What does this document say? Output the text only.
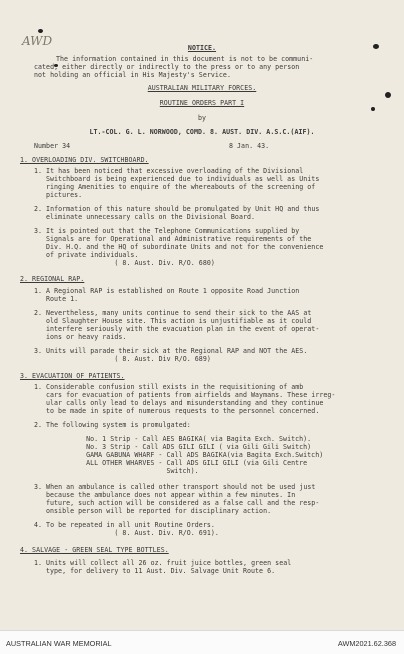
AWD	NOTICE.
The information contained in this document is not to be communi-
cated, either directly or indirectly to the press or to any person
not holding an official in His Majesty's Service.
AUSTRALIAN MILITARY FORCES.
ROUTINE ORDERS PART I
by
LT.-COL. G. L. NORWOOD, COMD. 8. AUST. DIV. A.S.C.(AIF).
Number 34	8 Jan. 43.
1. OVERLOADING DIV. SWITCHBOARD.
1. It has been noticed that excessive overloading of the Divisional
Switchboard is being experienced due to individuals as well as Units
ringing Amenities to enquire of the whereabouts of the screening of
pictures.
2. Information of this nature should be promulgated by Unit HQ and thus
eliminate unnecessary calls on the Divisional Board.
3. It is pointed out that the Telephone Communications supplied by
Signals are for Operational and Administrative requirements of the
Div. H.Q. and the HQ of subordinate Units and not for the convenience
of private individuals.
( 8. Aust. Div. R/O. 680)
2. REGIONAL RAP.
1. A Regional RAP is established on Route 1 opposite Road Junction
Route 1.
2. Nevertheless, many units continue to send their sick to the AAS at
old Slaughter House site. This action is unjustifiable as it could
interfere seriously with the evacuation plan in the event of operat-
ions or heavy raids.
3. Units will parade their sick at the Regional RAP and NOT the AES.
( 8. Aust. Div R/O. 689)
3. EVACUATION OF PATIENTS.
1. Considerable confusion still exists in the requisitioning of amb
cars for evacuation of patients from airfields and Waymans. These irreg-
ular calls only lead to delays and misunderstanding and they continue
to be made in spite of numerous requests to the personnel concerned.
2. The following system is promulgated:
No. 1 Strip - Call AES BAGIKA( via Bagita Exch. Switch).
No. 3 Strip - Call ADS GILI GILI ( via Gili Gili Switch)
GAMA GABUNA WHARF - Call ADS BAGIKA(via Bagita Exch.Switch)
ALL OTHER WHARVES - Call ADS GILI GILI (via Gili Centre
Switch).
3. When an ambulance is called other transport should not be used just
because the ambulance does not appear within a few minutes. In
future, such action will be considered as a false call and the resp-
onsible person will be reported for disciplinary action.
4. To be repeated in all unit Routine Orders.
( 8. Aust. Div. R/O. 691).
4. SALVAGE - GREEN SEAL TYPE BOTTLES.
1. Units will collect all 26 oz. fruit juice bottles, green seal
type, for delivery to 11 Aust. Div. Salvage Unit Route 6.
AUSTRALIAN WAR MEMORIAL	AWM2021.62.368
